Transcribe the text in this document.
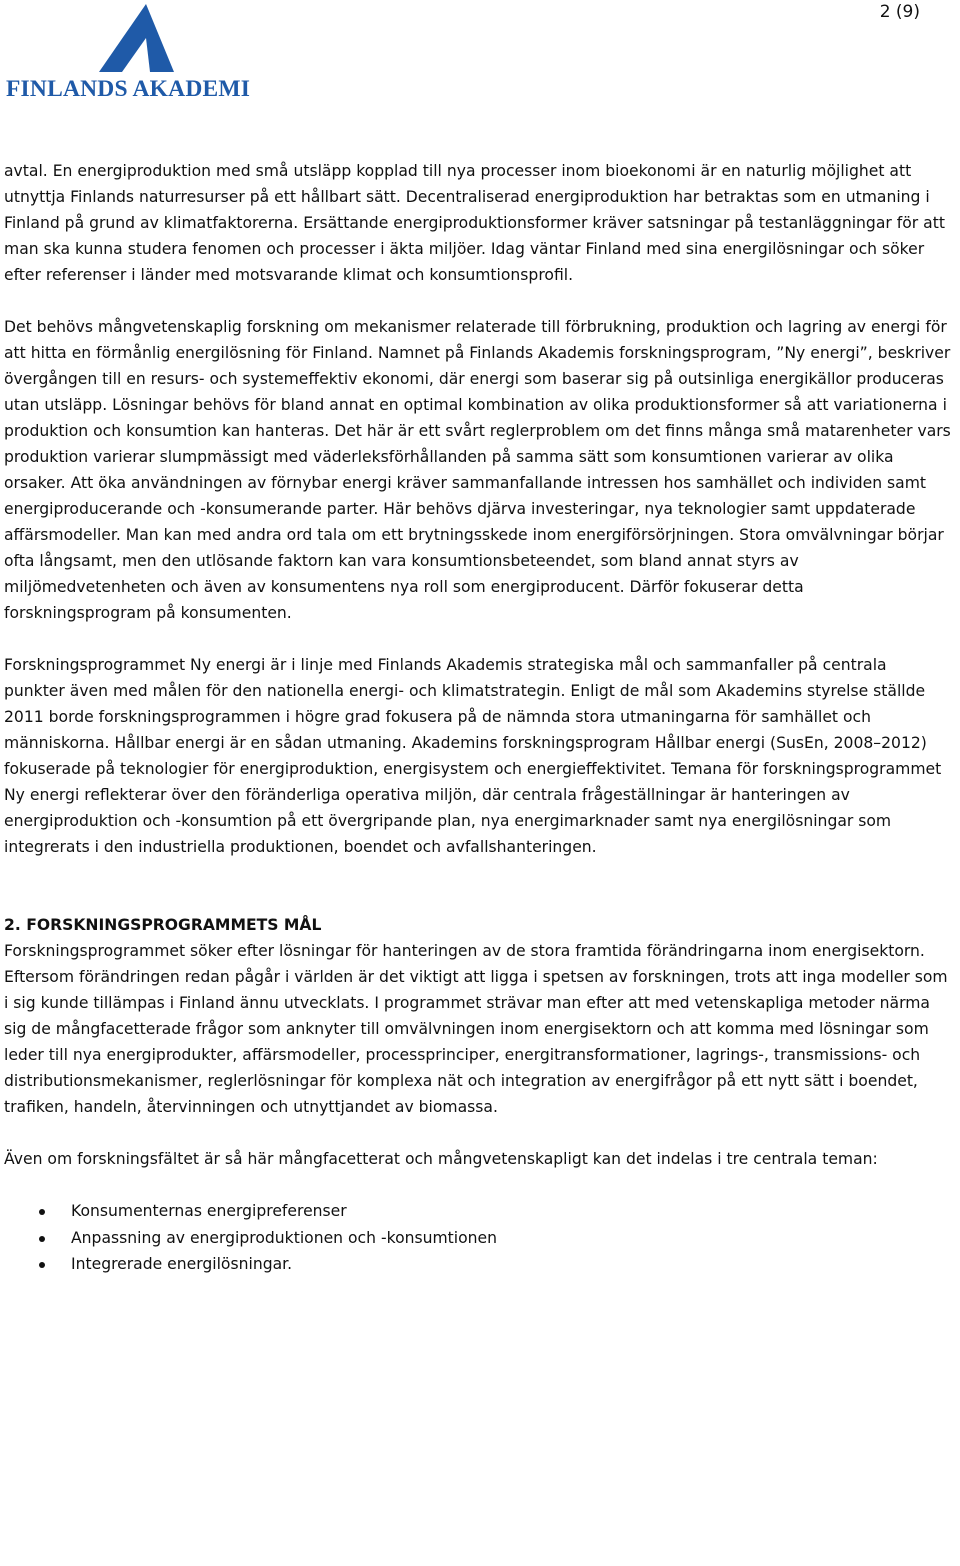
2 (9)
FINLANDS AKADEMI

avtal. En energiproduktion med små utsläpp kopplad till nya processer inom bioekonomi är en naturlig möjlighet att utnyttja Finlands naturresurser på ett hållbart sätt. Decentraliserad energiproduktion har betraktas som en utmaning i Finland på grund av klimatfaktorerna. Ersättande energiproduktionsformer kräver satsningar på testanläggningar för att man ska kunna studera fenomen och processer i äkta miljöer. Idag väntar Finland med sina energilösningar och söker efter referenser i länder med motsvarande klimat och konsumtionsprofil.

Det behövs mångvetenskaplig forskning om mekanismer relaterade till förbrukning, produktion och lagring av energi för att hitta en förmånlig energilösning för Finland. Namnet på Finlands Akademis forskningsprogram, ”Ny energi”, beskriver övergången till en resurs- och systemeffektiv ekonomi, där energi som baserar sig på outsinliga energikällor produceras utan utsläpp. Lösningar behövs för bland annat en optimal kombination av olika produktionsformer så att variationerna i produktion och konsumtion kan hanteras. Det här är ett svårt reglerproblem om det finns många små matarenheter vars produktion varierar slumpmässigt med väderleksförhållanden på samma sätt som konsumtionen varierar av olika orsaker. Att öka användningen av förnybar energi kräver sammanfallande intressen hos samhället och individen samt energiproducerande och -konsumerande parter. Här behövs djärva investeringar, nya teknologier samt uppdaterade affärsmodeller. Man kan med andra ord tala om ett brytningsskede inom energiförsörjningen. Stora omvälvningar börjar ofta långsamt, men den utlösande faktorn kan vara konsumtionsbeteendet, som bland annat styrs av miljömedvetenheten och även av konsumentens nya roll som energiproducent. Därför fokuserar detta forskningsprogram på konsumenten.

Forskningsprogrammet Ny energi är i linje med Finlands Akademis strategiska mål och sammanfaller på centrala punkter även med målen för den nationella energi- och klimatstrategin. Enligt de mål som Akademins styrelse ställde 2011 borde forskningsprogrammen i högre grad fokusera på de nämnda stora utmaningarna för samhället och människorna. Hållbar energi är en sådan utmaning. Akademins forskningsprogram Hållbar energi (SusEn, 2008–2012) fokuserade på teknologier för energiproduktion, energisystem och energieffektivitet. Temana för forskningsprogrammet Ny energi reflekterar över den föränderliga operativa miljön, där centrala frågeställningar är hanteringen av energiproduktion och -konsumtion på ett övergripande plan, nya energimarknader samt nya energilösningar som integrerats i den industriella produktionen, boendet och avfallshanteringen.

2. FORSKNINGSPROGRAMMETS MÅL

Forskningsprogrammet söker efter lösningar för hanteringen av de stora framtida förändringarna inom energisektorn. Eftersom förändringen redan pågår i världen är det viktigt att ligga i spetsen av forskningen, trots att inga modeller som i sig kunde tillämpas i Finland ännu utvecklats. I programmet strävar man efter att med vetenskapliga metoder närma sig de mångfacetterade frågor som anknyter till omvälvningen inom energisektorn och att komma med lösningar som leder till nya energiprodukter, affärsmodeller, processprinciper, energitransformationer, lagrings-, transmissions- och distributionsmekanismer, reglerlösningar för komplexa nät och integration av energifrågor på ett nytt sätt i boendet, trafiken, handeln, återvinningen och utnyttjandet av biomassa.

Även om forskningsfältet är så här mångfacetterat och mångvetenskapligt kan det indelas i tre centrala teman:

Konsumenternas energipreferenser
Anpassning av energiproduktionen och -konsumtionen
Integrerade energilösningar.
